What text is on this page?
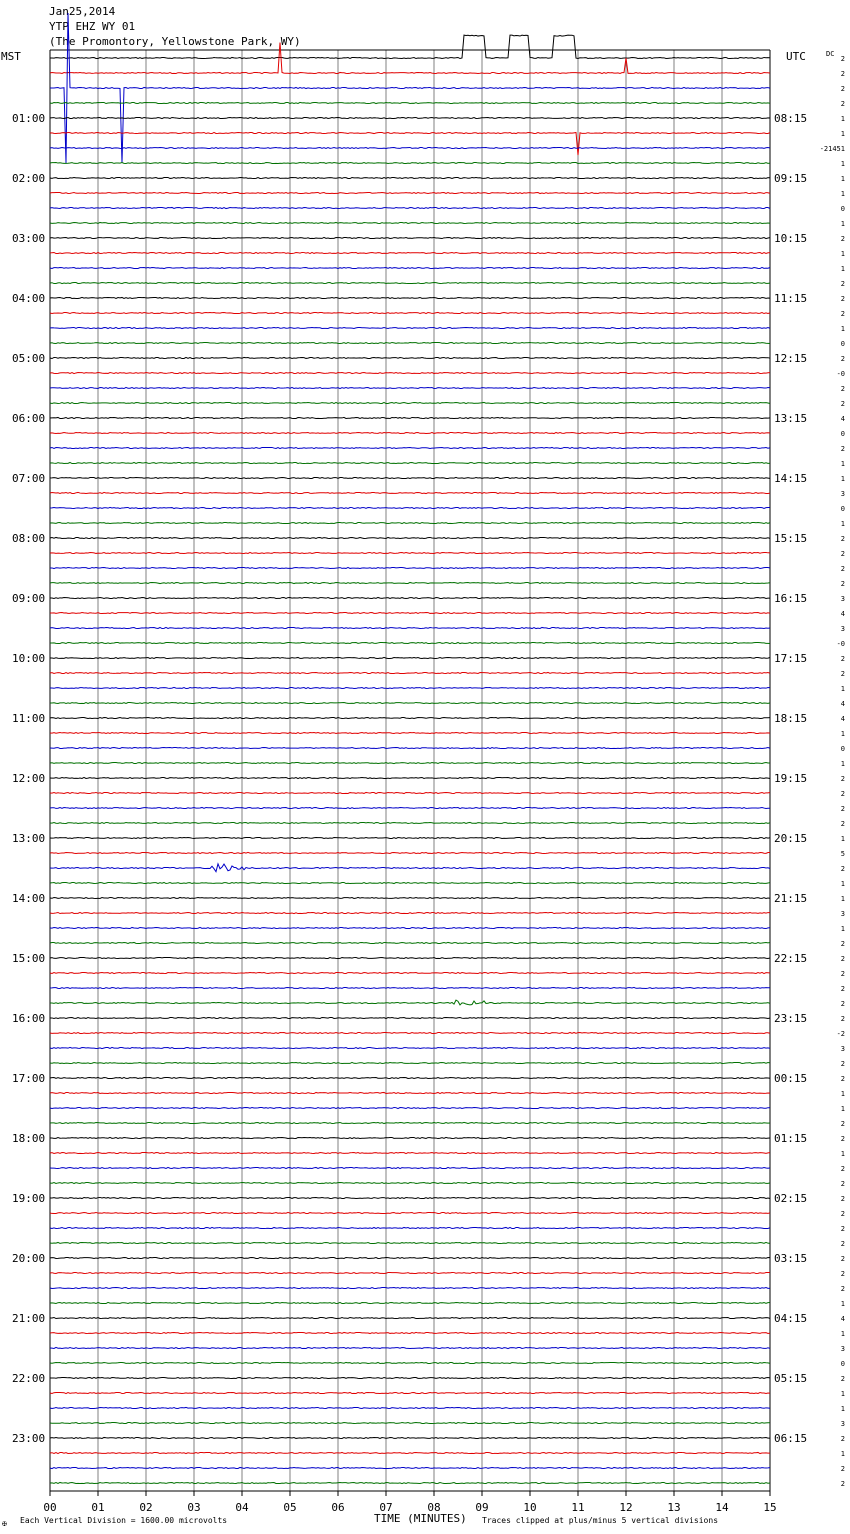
Jan25,2014
YTP EHZ WY 01
(The Promontory, Yellowstone Park, WY)
MST	UTC	DC
01:00
02:00
03:00
04:00
05:00
06:00
07:00
08:00
09:00
10:00
11:00
12:00
13:00
14:00
15:00
16:00
17:00
18:00
19:00
20:00
21:00
22:00
23:00
08:15
09:15
10:15
11:15
12:15
13:15
14:15
15:15
16:15
17:15
18:15
19:15
20:15
21:15
22:15
23:15
00:15
01:15
02:15
03:15
04:15
05:15
06:15
2
2
2
2
1
1
-21451
1
1
1
0
1
2
1
1
2
2
2
1
0
2
-0
2
2
4
0
2
1
1
3
0
1
2
2
2
2
3
4
3
-0
2
2
1
4
4
1
0
1
2
2
2
2
1
5
2
1
1
3
1
2
2
2
2
2
2
-2
3
2
2
1
1
2
2
1
2
2
2
2
2
2
2
2
2
1
4
1
3
0
2
1
1
3
2
1
2
2
00	01	02	03	04	05	06	07	08	09	10	11	12	13	14	15
✠ Each Vertical Division = 1600.00 microvolts	TIME (MINUTES) Traces clipped at plus/minus 5 vertical divisions
